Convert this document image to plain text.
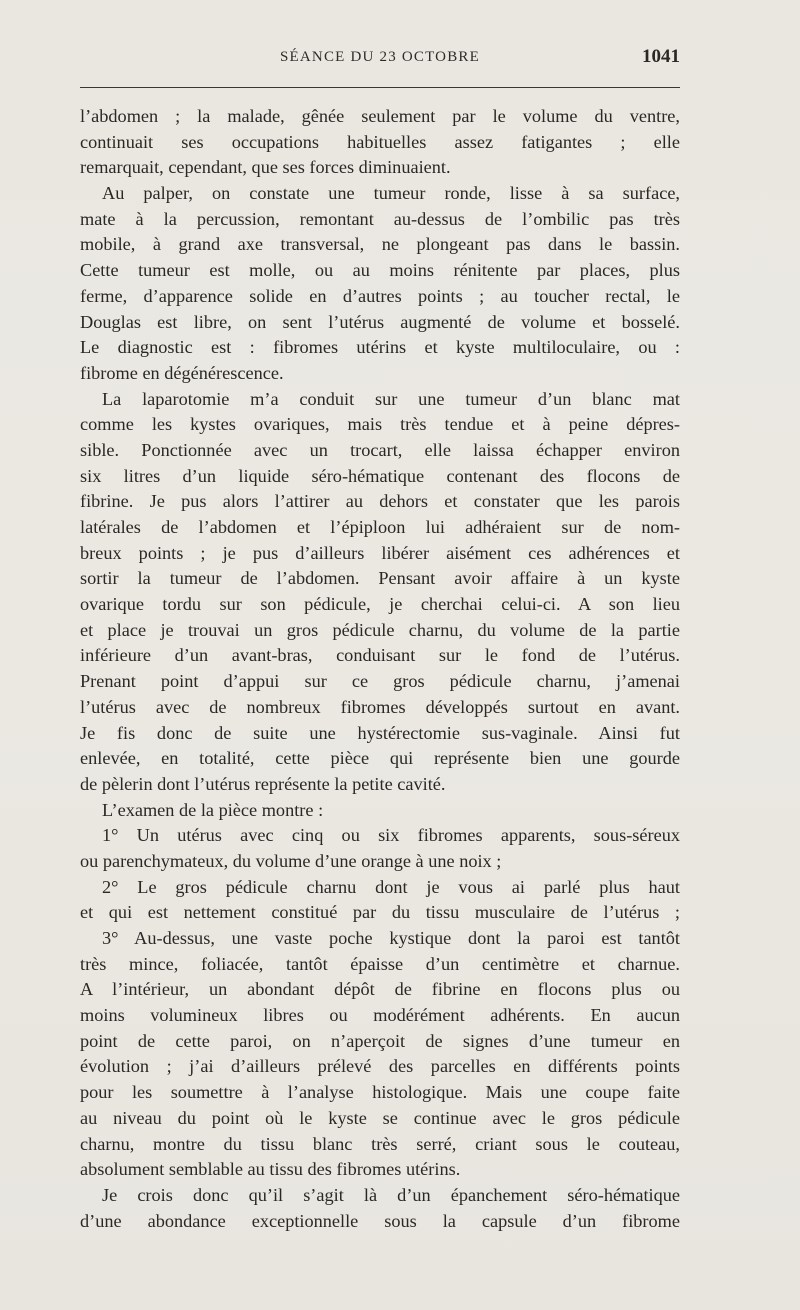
SÉANCE DU 23 OCTOBRE	1041
l’abdomen ; la malade, gênée seulement par le volume du ventre,
continuait ses occupations habituelles assez fatigantes ; elle
remarquait, cependant, que ses forces diminuaient.
Au palper, on constate une tumeur ronde, lisse à sa surface,
mate à la percussion, remontant au-dessus de l’ombilic pas très
mobile, à grand axe transversal, ne plongeant pas dans le bassin.
Cette tumeur est molle, ou au moins rénitente par places, plus
ferme, d’apparence solide en d’autres points ; au toucher rectal, le
Douglas est libre, on sent l’utérus augmenté de volume et bosselé.
Le diagnostic est : fibromes utérins et kyste multiloculaire, ou :
fibrome en dégénérescence.
La laparotomie m’a conduit sur une tumeur d’un blanc mat
comme les kystes ovariques, mais très tendue et à peine dépres-
sible. Ponctionnée avec un trocart, elle laissa échapper environ
six litres d’un liquide séro-hématique contenant des flocons de
fibrine. Je pus alors l’attirer au dehors et constater que les parois
latérales de l’abdomen et l’épiploon lui adhéraient sur de nom-
breux points ; je pus d’ailleurs libérer aisément ces adhérences et
sortir la tumeur de l’abdomen. Pensant avoir affaire à un kyste
ovarique tordu sur son pédicule, je cherchai celui-ci. A son lieu
et place je trouvai un gros pédicule charnu, du volume de la partie
inférieure d’un avant-bras, conduisant sur le fond de l’utérus.
Prenant point d’appui sur ce gros pédicule charnu, j’amenai
l’utérus avec de nombreux fibromes développés surtout en avant.
Je fis donc de suite une hystérectomie sus-vaginale. Ainsi fut
enlevée, en totalité, cette pièce qui représente bien une gourde
de pèlerin dont l’utérus représente la petite cavité.
L’examen de la pièce montre :
1° Un utérus avec cinq ou six fibromes apparents, sous-séreux
ou parenchymateux, du volume d’une orange à une noix ;
2° Le gros pédicule charnu dont je vous ai parlé plus haut
et qui est nettement constitué par du tissu musculaire de l’utérus ;
3° Au-dessus, une vaste poche kystique dont la paroi est tantôt
très mince, foliacée, tantôt épaisse d’un centimètre et charnue.
A l’intérieur, un abondant dépôt de fibrine en flocons plus ou
moins volumineux libres ou modérément adhérents. En aucun
point de cette paroi, on n’aperçoit de signes d’une tumeur en
évolution ; j’ai d’ailleurs prélevé des parcelles en différents points
pour les soumettre à l’analyse histologique. Mais une coupe faite
au niveau du point où le kyste se continue avec le gros pédicule
charnu, montre du tissu blanc très serré, criant sous le couteau,
absolument semblable au tissu des fibromes utérins.
Je crois donc qu’il s’agit là d’un épanchement séro-hématique
d’une abondance exceptionnelle sous la capsule d’un fibrome
